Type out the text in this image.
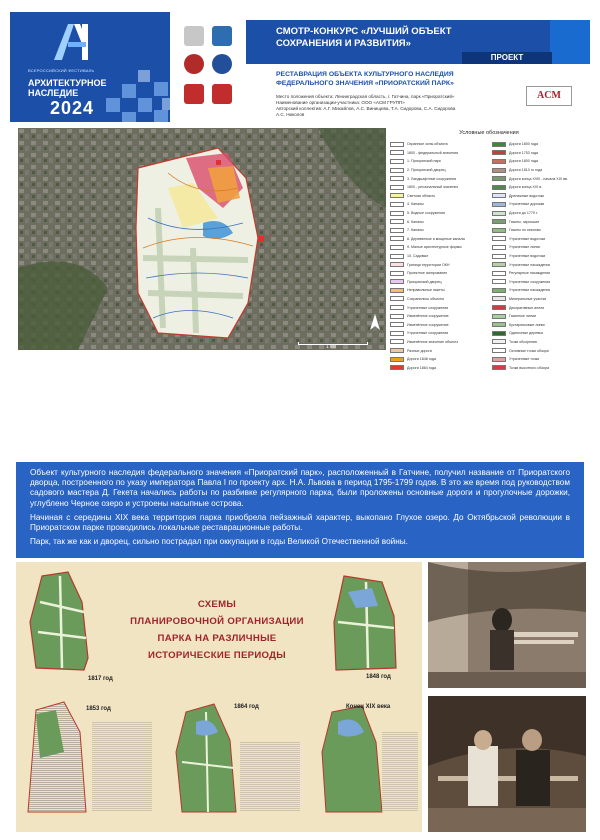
ВСЕРОССИЙСКИЙ ФЕСТИВАЛЬ
АРХИТЕКТУРНОЕ
НАСЛЕДИЕ
2024
СМОТР-КОНКУРС «ЛУЧШИЙ ОБЪЕКТ
СОХРАНЕНИЯ И РАЗВИТИЯ»
ПРОЕКТ
РЕСТАВРАЦИЯ ОБЪЕКТА КУЛЬТУРНОГО НАСЛЕДИЯ
ФЕДЕРАЛЬНОГО ЗНАЧЕНИЯ «ПРИОРАТСКИЙ ПАРК»
Место положения объекта: Ленинградская область, г. Гатчина, парк «Приоратский»
Наименование организации-участника: ООО «АСМ ГРУПП»
Авторский коллектив: А.Г. Михайлов, А.С. Винищева, Т.А. Сидорова, С.А. Сидорова
А.С. Николов
ACM
1 км
Условные обозначения
Охранные зоны объекта
1800 - федеральный значения
1. Приоратский парк
2. Приоратский дворец
3. Ландшафтные сооружения
1800 - региональный значения
Светлая область
4. Каналы
5. Водные сооружения
6. Каналы
7. Каналы
8. Деревянные и мощеные каналы
9. Малые архитектурные формы
10. Садовые
Граница территории ОКН
Проектное зонирование
Приоратский дворец
Неправильные пакеты
Сохранились объекты
Утраченные сооружения
Изменённое сооружение
Изменённое сооружение
Утраченные сооружения
Изменённое значение объекта
Разные дороги
Дороги 1848 года
Дороги 1864 года
Дороги 1800 года
Дороги 1753 года
Дороги 1800 года
Дороги 1810 го года
Дороги конца XVIII - начала XIX вв.
Дороги конца XIX в.
Дренажные водотоки
Утраченные дорожки
Дороги до 1779 г.
Газоны, заросшие
Газоны по сезонам
Утраченные водотоки
Утраченные линии
Утраченные водотоки
Утраченные насаждения
Регулярные насаждения
Утраченные сооружения
Утраченные насаждения
Минеральные участки
Декоративные аллеи
Газонные линии
Кустарниковые линии
Одиночные деревья
Точки обозрения
Основные точки обзора
Утраченные точки
Точки высотного обзора

Объект культурного наследия федерального значения «Приоратский парк», расположенный в Гатчине, получил название от Приоратского дворца, построенного по указу императора Павла I по проекту арх. Н.А. Львова в период 1795-1799 годов. В это же время под руководством садового мастера Д. Гекета начались работы по разбивке регулярного парка, были проложены основные дороги и прогулочные дорожки, углублено Черное озеро и устроены насыпные острова.

Начиная с середины XIX века территория парка приобрела пейзажный характер, выкопано Глухое озеро. До Октябрьской революции в Приоратском парке проводились локальные реставрационные работы.

Парк, так же как и дворец, сильно пострадал при оккупации в годы Великой Отечественной войны.

СХЕМЫ
ПЛАНИРОВОЧНОЙ ОРГАНИЗАЦИИ
ПАРКА НА РАЗЛИЧНЫЕ
ИСТОРИЧЕСКИЕ ПЕРИОДЫ
1817 год	1848 год
1853 год	1864 год	Конец XIX века
